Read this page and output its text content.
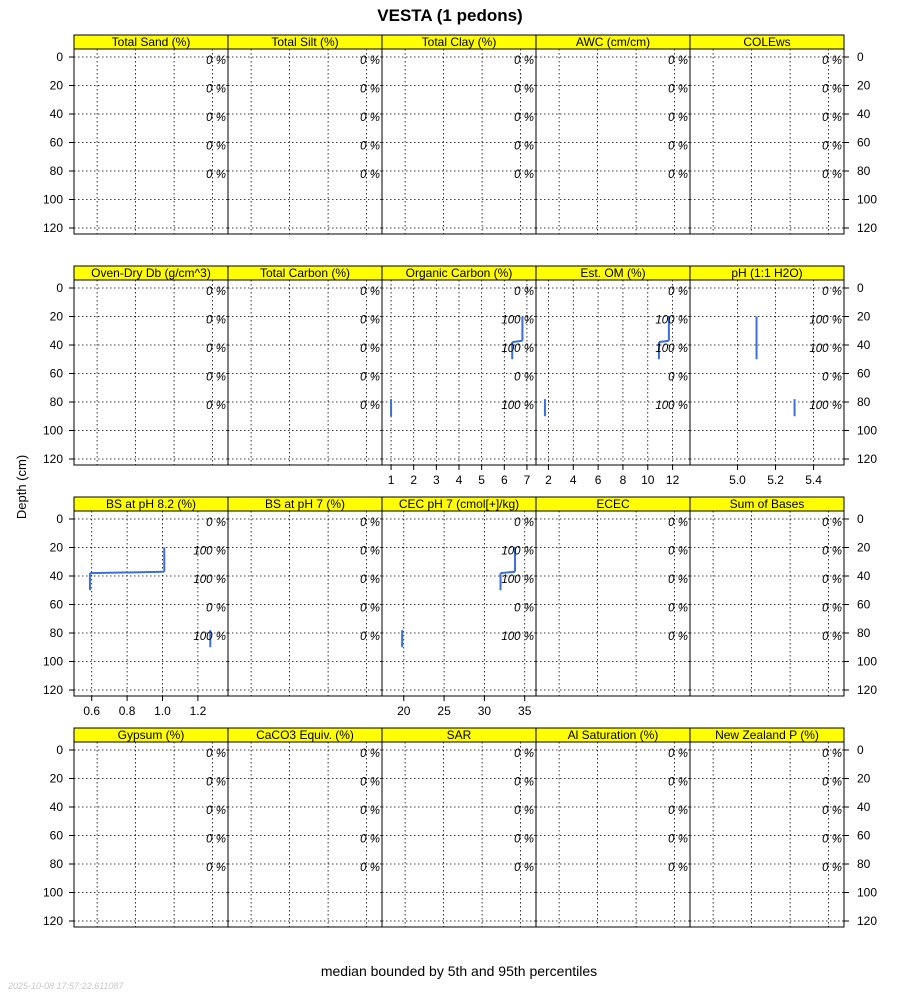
VESTA (1 pedons)
Depth (cm)
median bounded by 5th and 95th percentiles
2025-10-08 17:57:22.611087
Total Sand (%)
0 %
0 %
0 %
0 %
0 %
0
20
40
60
80
100
120
Total Silt (%)
0 %
0 %
0 %
0 %
0 %
Total Clay (%)
0 %
0 %
0 %
0 %
0 %
AWC (cm/cm)
0 %
0 %
0 %
0 %
0 %
COLEws
0 %
0 %
0 %
0 %
0 %
0
20
40
60
80
100
120
Oven-Dry Db (g/cm^3)
0 %
0 %
0 %
0 %
0 %
0
20
40
60
80
100
120
Total Carbon (%)
0 %
0 %
0 %
0 %
0 %
Organic Carbon (%)
0 %
100 %
100 %
0 %
100 %
1 2 3 4 5 6 7
Est. OM (%)
0 %
100 %
100 %
0 %
100 %
2 4 6 8 10 12
pH (1:1 H2O)
0 %
100 %
100 %
0 %
100 %
0
20
40
60
80
100
120
5.0 5.2 5.4
BS at pH 8.2 (%)
0 %
100 %
100 %
0 %
100 %
0
20
40
60
80
100
120
0.6 0.8 1.0 1.2
BS at pH 7 (%)
0 %
0 %
0 %
0 %
0 %
CEC pH 7 (cmol[+]/kg)
0 %
100 %
100 %
0 %
100 %
20 25 30 35
ECEC
0 %
0 %
0 %
0 %
0 %
Sum of Bases
0 %
0 %
0 %
0 %
0 %
0
20
40
60
80
100
120
Gypsum (%)
0 %
0 %
0 %
0 %
0 %
0
20
40
60
80
100
120
CaCO3 Equiv. (%)
0 %
0 %
0 %
0 %
0 %
SAR
0 %
0 %
0 %
0 %
0 %
Al Saturation (%)
0 %
0 %
0 %
0 %
0 %
New Zealand P (%)
0 %
0 %
0 %
0 %
0 %
0
20
40
60
80
100
120
